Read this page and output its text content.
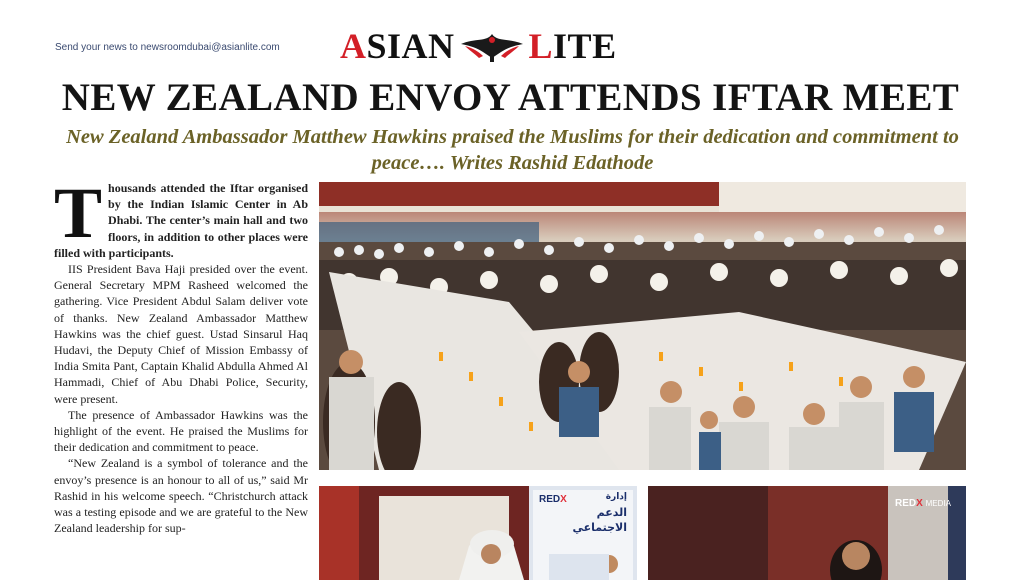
Send your news to newsroomdubai@asianlite.com ASIAN LITE
NEW ZEALAND ENVOY ATTENDS IFTAR MEET
New Zealand Ambassador Matthew Hawkins praised the Muslims for their dedication and commitment to peace…. Writes Rashid Edathode

Thousands attended the Iftar organised by the Indian Islamic Center in Ab Dhabi. The center’s main hall and two floors, in addition to other places were filled with participants.

IIS President Bava Haji presided over the event. General Secretary MPM Rasheed welcomed the gathering. Vice President Abdul Salam deliver vote of thanks. New Zealand Ambassador Matthew Hawkins was the chief guest. Ustad Sinsarul Haq Hudavi, the Deputy Chief of Mission Embassy of India Smita Pant, Captain Khalid Abdulla Ahmed Al Hammadi, Chief of Abu Dhabi Police, Security, were present.

The presence of Ambassador Hawkins was the highlight of the event. He praised the Muslims for their dedication and commitment to peace.

“New Zealand is a symbol of tolerance and the envoy’s presence is an honour to all of us,” said Mr Rashid in his welcome speech. “Christchurch attack was a testing episode and we are grateful to the New Zealand leadership for sup-

إدارة
الدعم
الاجتماعي
REDX	REDX MEDIA
